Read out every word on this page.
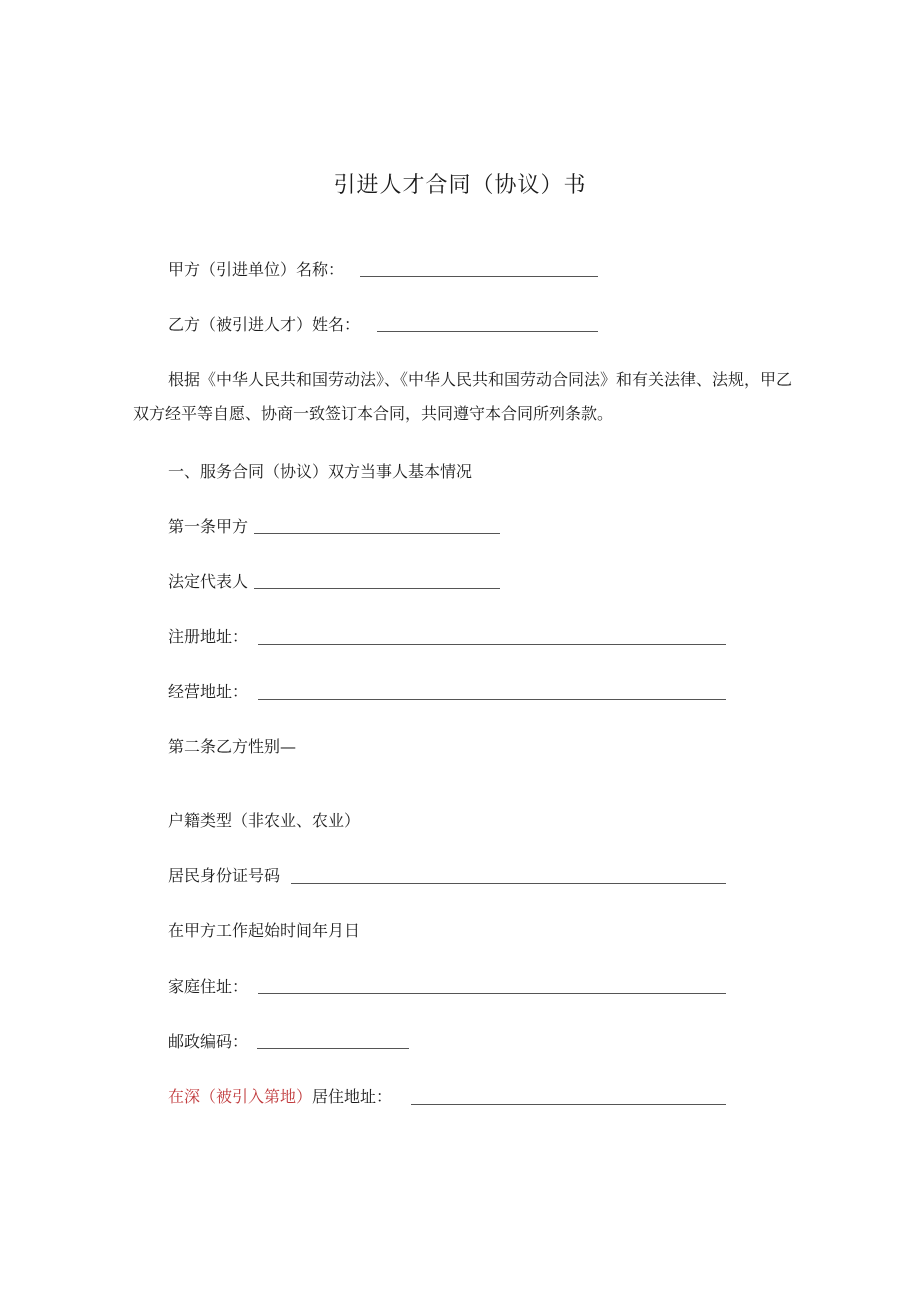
引进人才合同（协议）书
甲方（引进单位）名称：
乙方（被引进人才）姓名：
根据《中华人民共和国劳动法》、《中华人民共和国劳动合同法》和有关法律、法规，甲乙双方经平等自愿、协商一致签订本合同，共同遵守本合同所列条款。
一、服务合同（协议）双方当事人基本情况
第一条甲方
法定代表人
注册地址：
经营地址：
第二条乙方性别—
户籍类型（非农业、农业）
居民身份证号码
在甲方工作起始时间年月日
家庭住址：
邮政编码：
在深（被引入第地）居住地址：
